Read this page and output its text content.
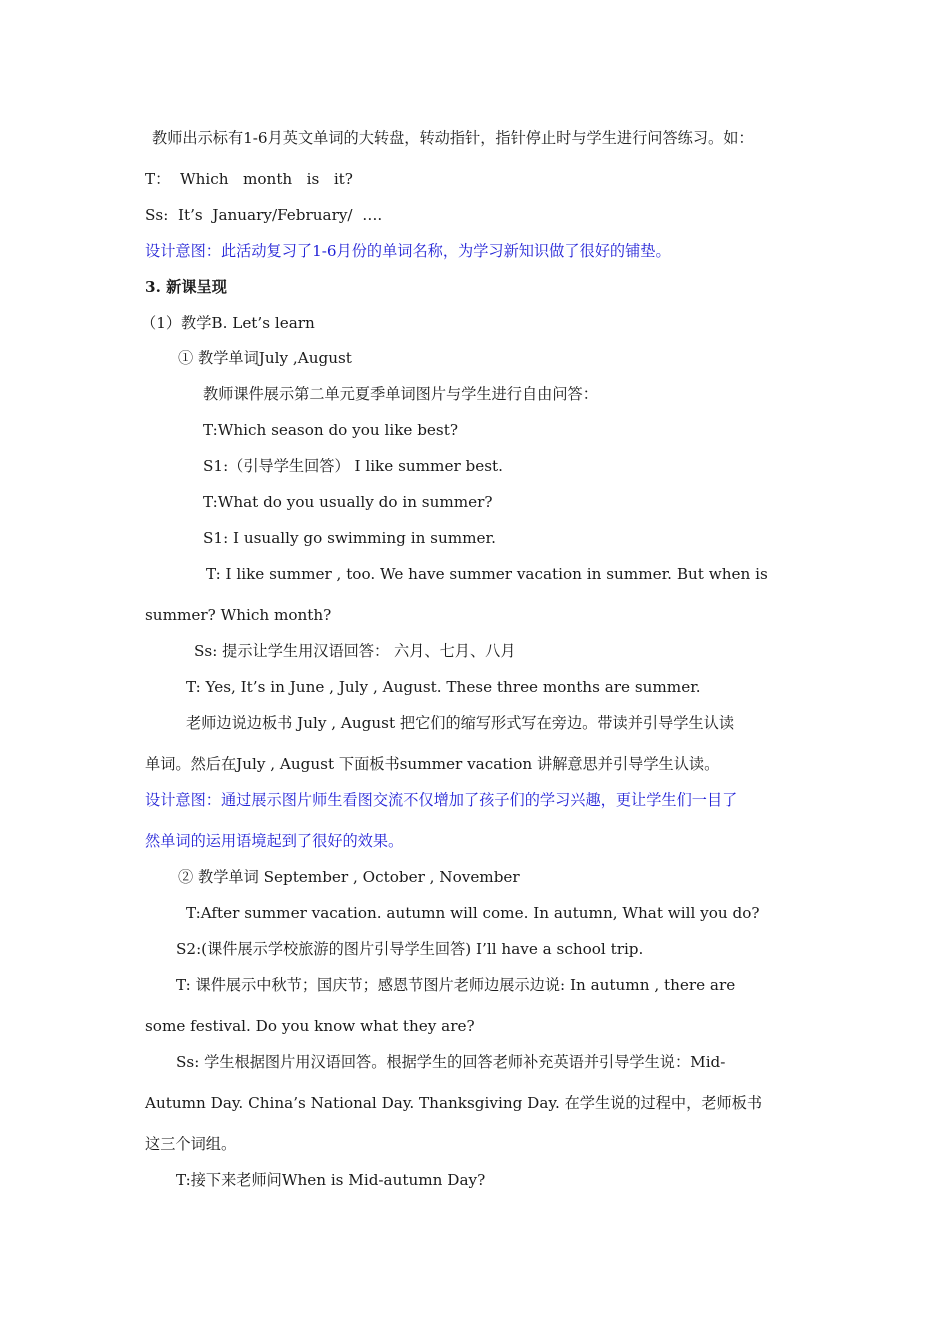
教师出示标有1-6月英文单词的大转盘，转动指针，指针停止时与学生进行问答练习。如：
T：  Which   month   is   it?
Ss:  It’s  January/February/  ….
设计意图：此活动复习了1-6月份的单词名称，为学习新知识做了很好的铺垫。
3. 新课呈现
（1）教学B. Let’s learn
① 教学单词July ,August
教师课件展示第二单元夏季单词图片与学生进行自由问答：
T:Which season do you like best?
S1:（引导学生回答） I like summer best.
T:What do you usually do in summer?
S1: I usually go swimming in summer.
T: I like summer , too. We have summer vacation in summer. But when is
summer? Which month?
Ss: 提示让学生用汉语回答： 六月、七月、八月
T: Yes, It’s in June , July , August. These three months are summer.
老师边说边板书 July , August 把它们的缩写形式写在旁边。带读并引导学生认读
单词。然后在July , August 下面板书summer vacation 讲解意思并引导学生认读。
设计意图：通过展示图片师生看图交流不仅增加了孩子们的学习兴趣，更让学生们一目了
然单词的运用语境起到了很好的效果。
② 教学单词 September , October , November
T:After summer vacation. autumn will come. In autumn, What will you do?
S2:(课件展示学校旅游的图片引导学生回答) I’ll have a school trip.
T: 课件展示中秋节；国庆节；感恩节图片老师边展示边说: In autumn , there are
some festival. Do you know what they are?
Ss: 学生根据图片用汉语回答。根据学生的回答老师补充英语并引导学生说：Mid-
Autumn Day. China’s National Day. Thanksgiving Day. 在学生说的过程中，老师板书
这三个词组。
T:接下来老师问When is Mid-autumn Day?
